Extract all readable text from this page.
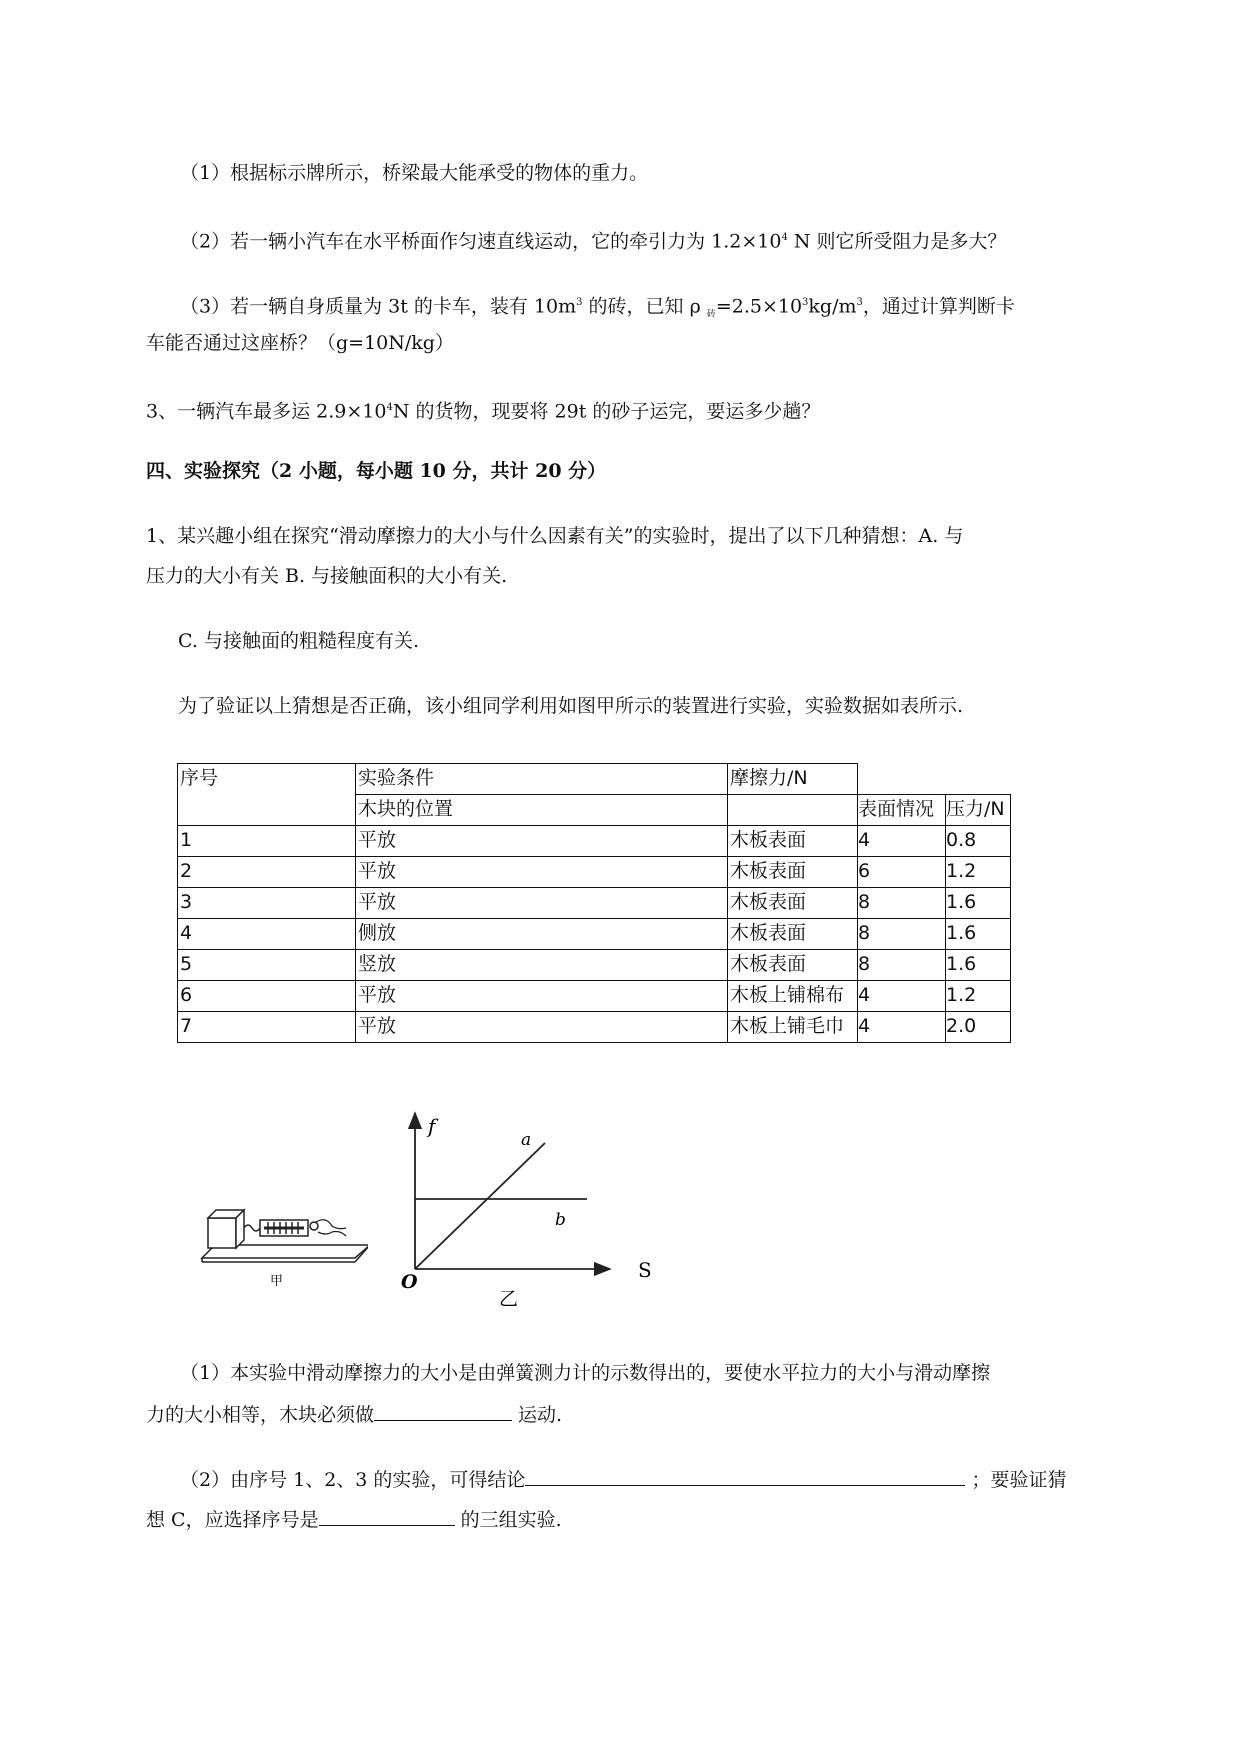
（1）根据标示牌所示，桥梁最大能承受的物体的重力。
（2）若一辆小汽车在水平桥面作匀速直线运动，它的牵引力为 $1.2\times 10^4$ N 则它所受阻力是多大？
（3）若一辆自身质量为 3t 的卡车，装有 $10m^3$ 的砖，已知 ρ $_砖=2.5\times 10^3kg/m^3$，通过计算判断卡
车能否通过这座桥？（g=10N/kg）
3、一辆汽车最多运 $2.9\times 10^4N$ 的货物，现要将 29t 的砂子运完，要运多少趟？
四、实验探究（2 小题，每小题 10 分，共计 20 分）
1、某兴趣小组在探究“滑动摩擦力的大小与什么因素有关”的实验时，提出了以下几种猜想：A. 与
压力的大小有关 B. 与接触面积的大小有关.
C. 与接触面的粗糙程度有关.
为了验证以上猜想是否正确，该小组同学利用如图甲所示的装置进行实验，实验数据如表所示.
序号	实验条件	摩擦力/N		
	木块的位置		表面情况	压力/N
1	平放	木板表面	4	0.8
2	平放	木板表面	6	1.2
3	平放	木板表面	8	1.6
4	侧放	木板表面	8	1.6
5	竖放	木板表面	8	1.6
6	平放	木板上铺棉布	4	1.2
7	平放	木板上铺毛巾	4	2.0
甲
f
a
b
O	S
乙
（1）本实验中滑动摩擦力的大小是由弹簧测力计的示数得出的，要使水平拉力的大小与滑动摩擦
力的大小相等，木块必须做	运动.
（2）由序号 1、2、3 的实验，可得结论	；要验证猜
想 C，应选择序号是	的三组实验.
